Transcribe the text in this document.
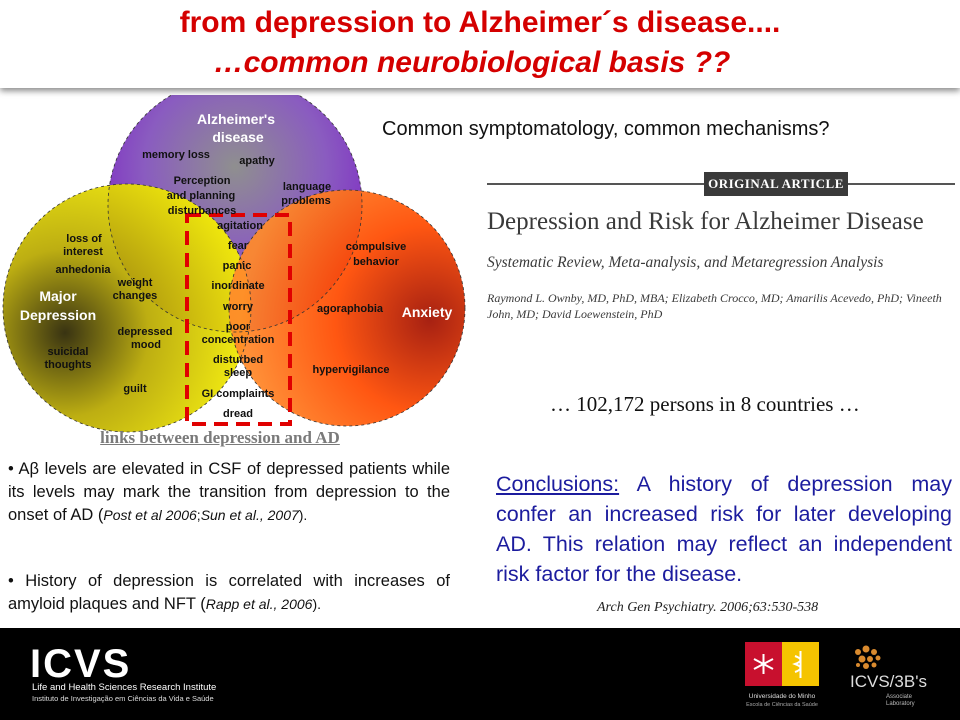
from depression to Alzheimer´s disease....
…common neurobiological basis ??
Alzheimer's
disease
Major
Depression	Anxiety
memory loss	apathy
Perception
and planning
disturbances
language
problems
loss of
interest
anhedonia
weight
changes
depressed
mood
suicidal
thoughts
guilt
compulsive
behavior
agoraphobia
hypervigilance
agitation
fear
panic
inordinate
worry
poor
concentration
disturbed
sleep
GI complaints
dread
links between depression and AD
• Aβ levels are elevated in CSF of depressed patients while its levels may mark the transition from depression to the onset of AD (Post et al 2006;Sun et al., 2007).
• History of depression is correlated with increases of amyloid plaques and NFT (Rapp et al., 2006).
Common symptomatology, common mechanisms?
ORIGINAL ARTICLE
Depression and Risk for Alzheimer Disease
Systematic Review, Meta-analysis, and Metaregression Analysis
Raymond L. Ownby, MD, PhD, MBA; Elizabeth Crocco, MD; Amarilis Acevedo, PhD; Vineeth John, MD; David Loewenstein, PhD
… 102,172 persons in 8 countries …
Conclusions: A history of depression may confer an increased risk for later developing AD. This relation may reflect an independent risk factor for the disease.
Arch Gen Psychiatry. 2006;63:530-538
ICVS
Life and Health Sciences Research Institute
Instituto de Investigação em Ciências da Vida e Saúde	Universidade do Minho
Escola de Ciências da Saúde
ICVS/3B's
Associate Laboratory
